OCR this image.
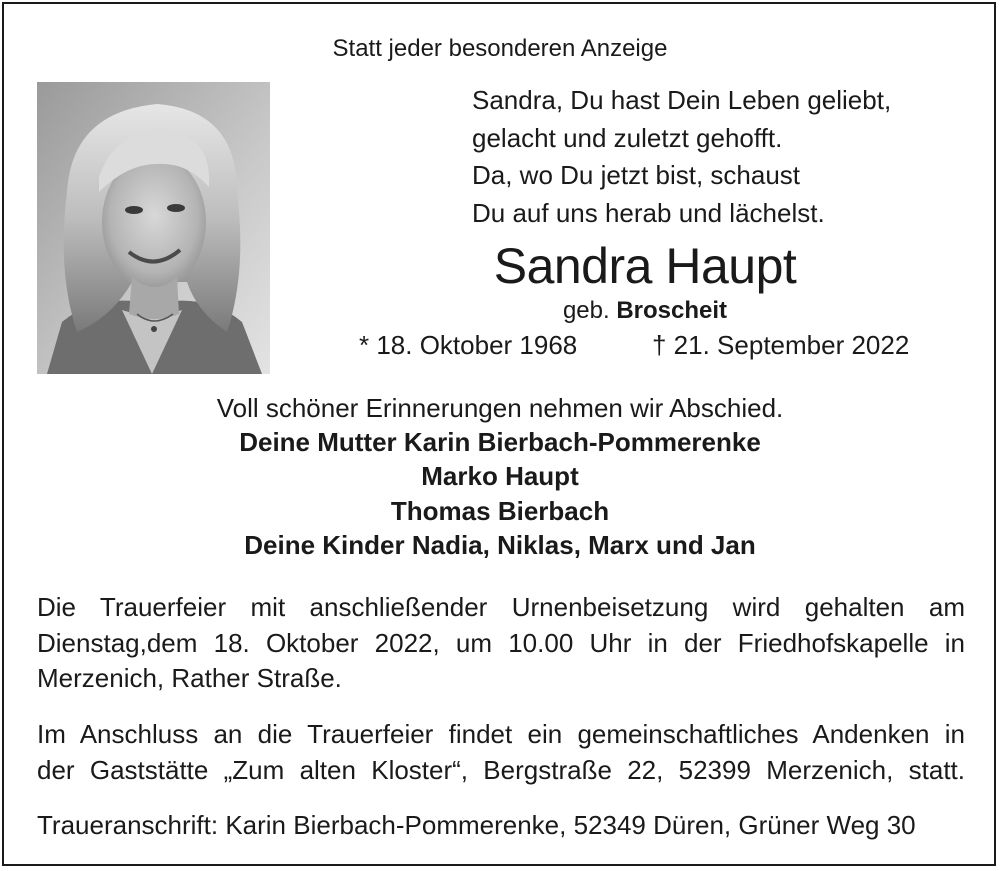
Statt jeder besonderen Anzeige
Sandra, Du hast Dein Leben geliebt,
gelacht und zuletzt gehofft.
Da, wo Du jetzt bist, schaust
Du auf uns herab und lächelst.
Sandra Haupt
geb. Broscheit
* 18. Oktober 1968	† 21. September 2022
Voll schöner Erinnerungen nehmen wir Abschied.
Deine Mutter Karin Bierbach-Pommerenke
Marko Haupt
Thomas Bierbach
Deine Kinder Nadia, Niklas, Marx und Jan
Die Trauerfeier mit anschließender Urnenbeisetzung wird gehalten am
Dienstag,dem 18. Oktober 2022, um 10.00 Uhr in der Friedhofskapelle in
Merzenich, Rather Straße.
Im Anschluss an die Trauerfeier findet ein gemeinschaftliches Andenken in
der Gaststätte „Zum alten Kloster“, Bergstraße 22, 52399 Merzenich, statt.
Traueranschrift: Karin Bierbach-Pommerenke, 52349 Düren, Grüner Weg 30
